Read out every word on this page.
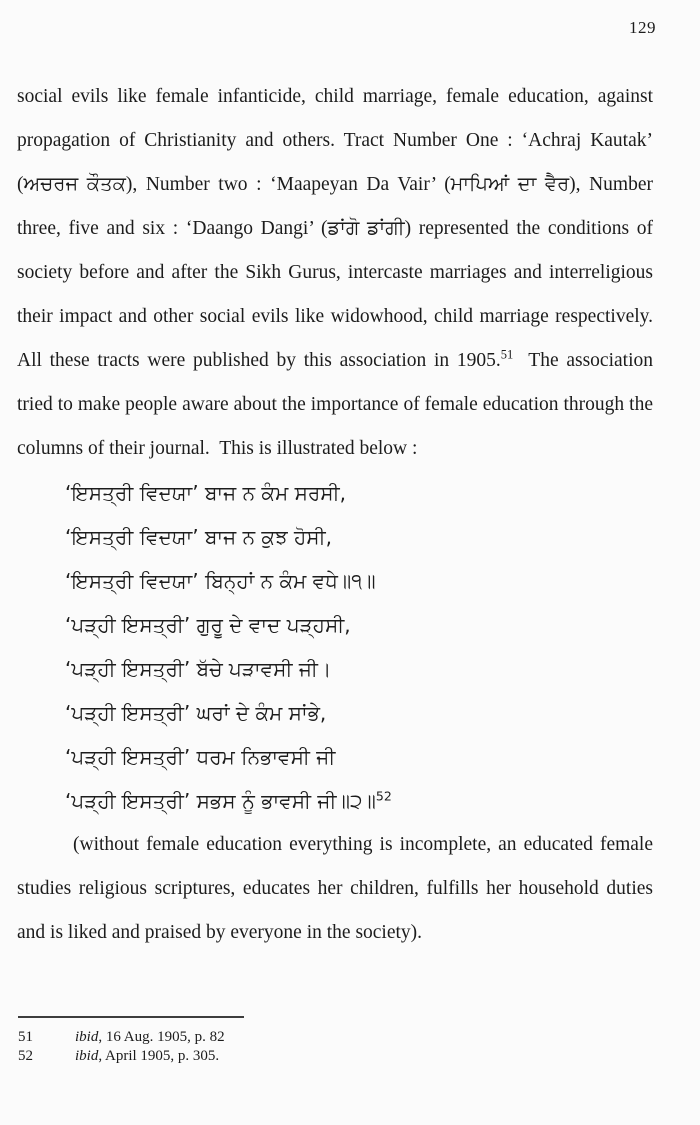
129

social evils like female infanticide, child marriage, female education, against propagation of Christianity and others. Tract Number One : ‘Achraj Kautak’ (ਅਚਰਜ ਕੌਤਕ), Number two : ‘Maapeyan Da Vair’ (ਮਾਪਿਆਂ ਦਾ ਵੈਰ), Number three, five and six : ‘Daango Dangi’ (ਡਾਂਗੋ ਡਾਂਗੀ) represented the conditions of society before and after the Sikh Gurus, intercaste marriages and interreligious their impact and other social evils like widowhood, child marriage respectively.  All these tracts were published by this association in 1905.51  The association tried to make people aware about the importance of female education through the columns of their journal.  This is illustrated below :

‘ਇਸਤ੍ਰੀ ਵਿਦਯਾ’ ਬਾਜ ਨ ਕੰਮ ਸਰਸੀ,
‘ਇਸਤ੍ਰੀ ਵਿਦਯਾ’ ਬਾਜ ਨ ਕੁਝ ਹੋਸੀ,
‘ਇਸਤ੍ਰੀ ਵਿਦਯਾ’ ਬਿਨ੍ਹਾਂ ਨ ਕੰਮ ਵਧੇ॥੧॥
‘ਪੜ੍ਹੀ ਇਸਤ੍ਰੀ’ ਗੁਰੂ ਦੇ ਵਾਦ ਪੜ੍ਹਸੀ,
‘ਪੜ੍ਹੀ ਇਸਤ੍ਰੀ’ ਬੱਚੇ ਪੜਾਵਸੀ ਜੀ।
‘ਪੜ੍ਹੀ ਇਸਤ੍ਰੀ’ ਘਰਾਂ ਦੇ ਕੰਮ ਸਾਂਭੇ,
‘ਪੜ੍ਹੀ ਇਸਤ੍ਰੀ’ ਧਰਮ ਨਿਭਾਵਸੀ ਜੀ
‘ਪੜ੍ਹੀ ਇਸਤ੍ਰੀ’ ਸਭਸ ਨੂੰ ਭਾਵਸੀ ਜੀ॥੨॥$^{52}$

(without female education everything is incomplete, an educated female studies religious scriptures, educates her children, fulfills her household duties and is liked and praised by everyone in the society).

51	ibid, 16 Aug. 1905, p. 82
52	ibid, April 1905, p. 305.
